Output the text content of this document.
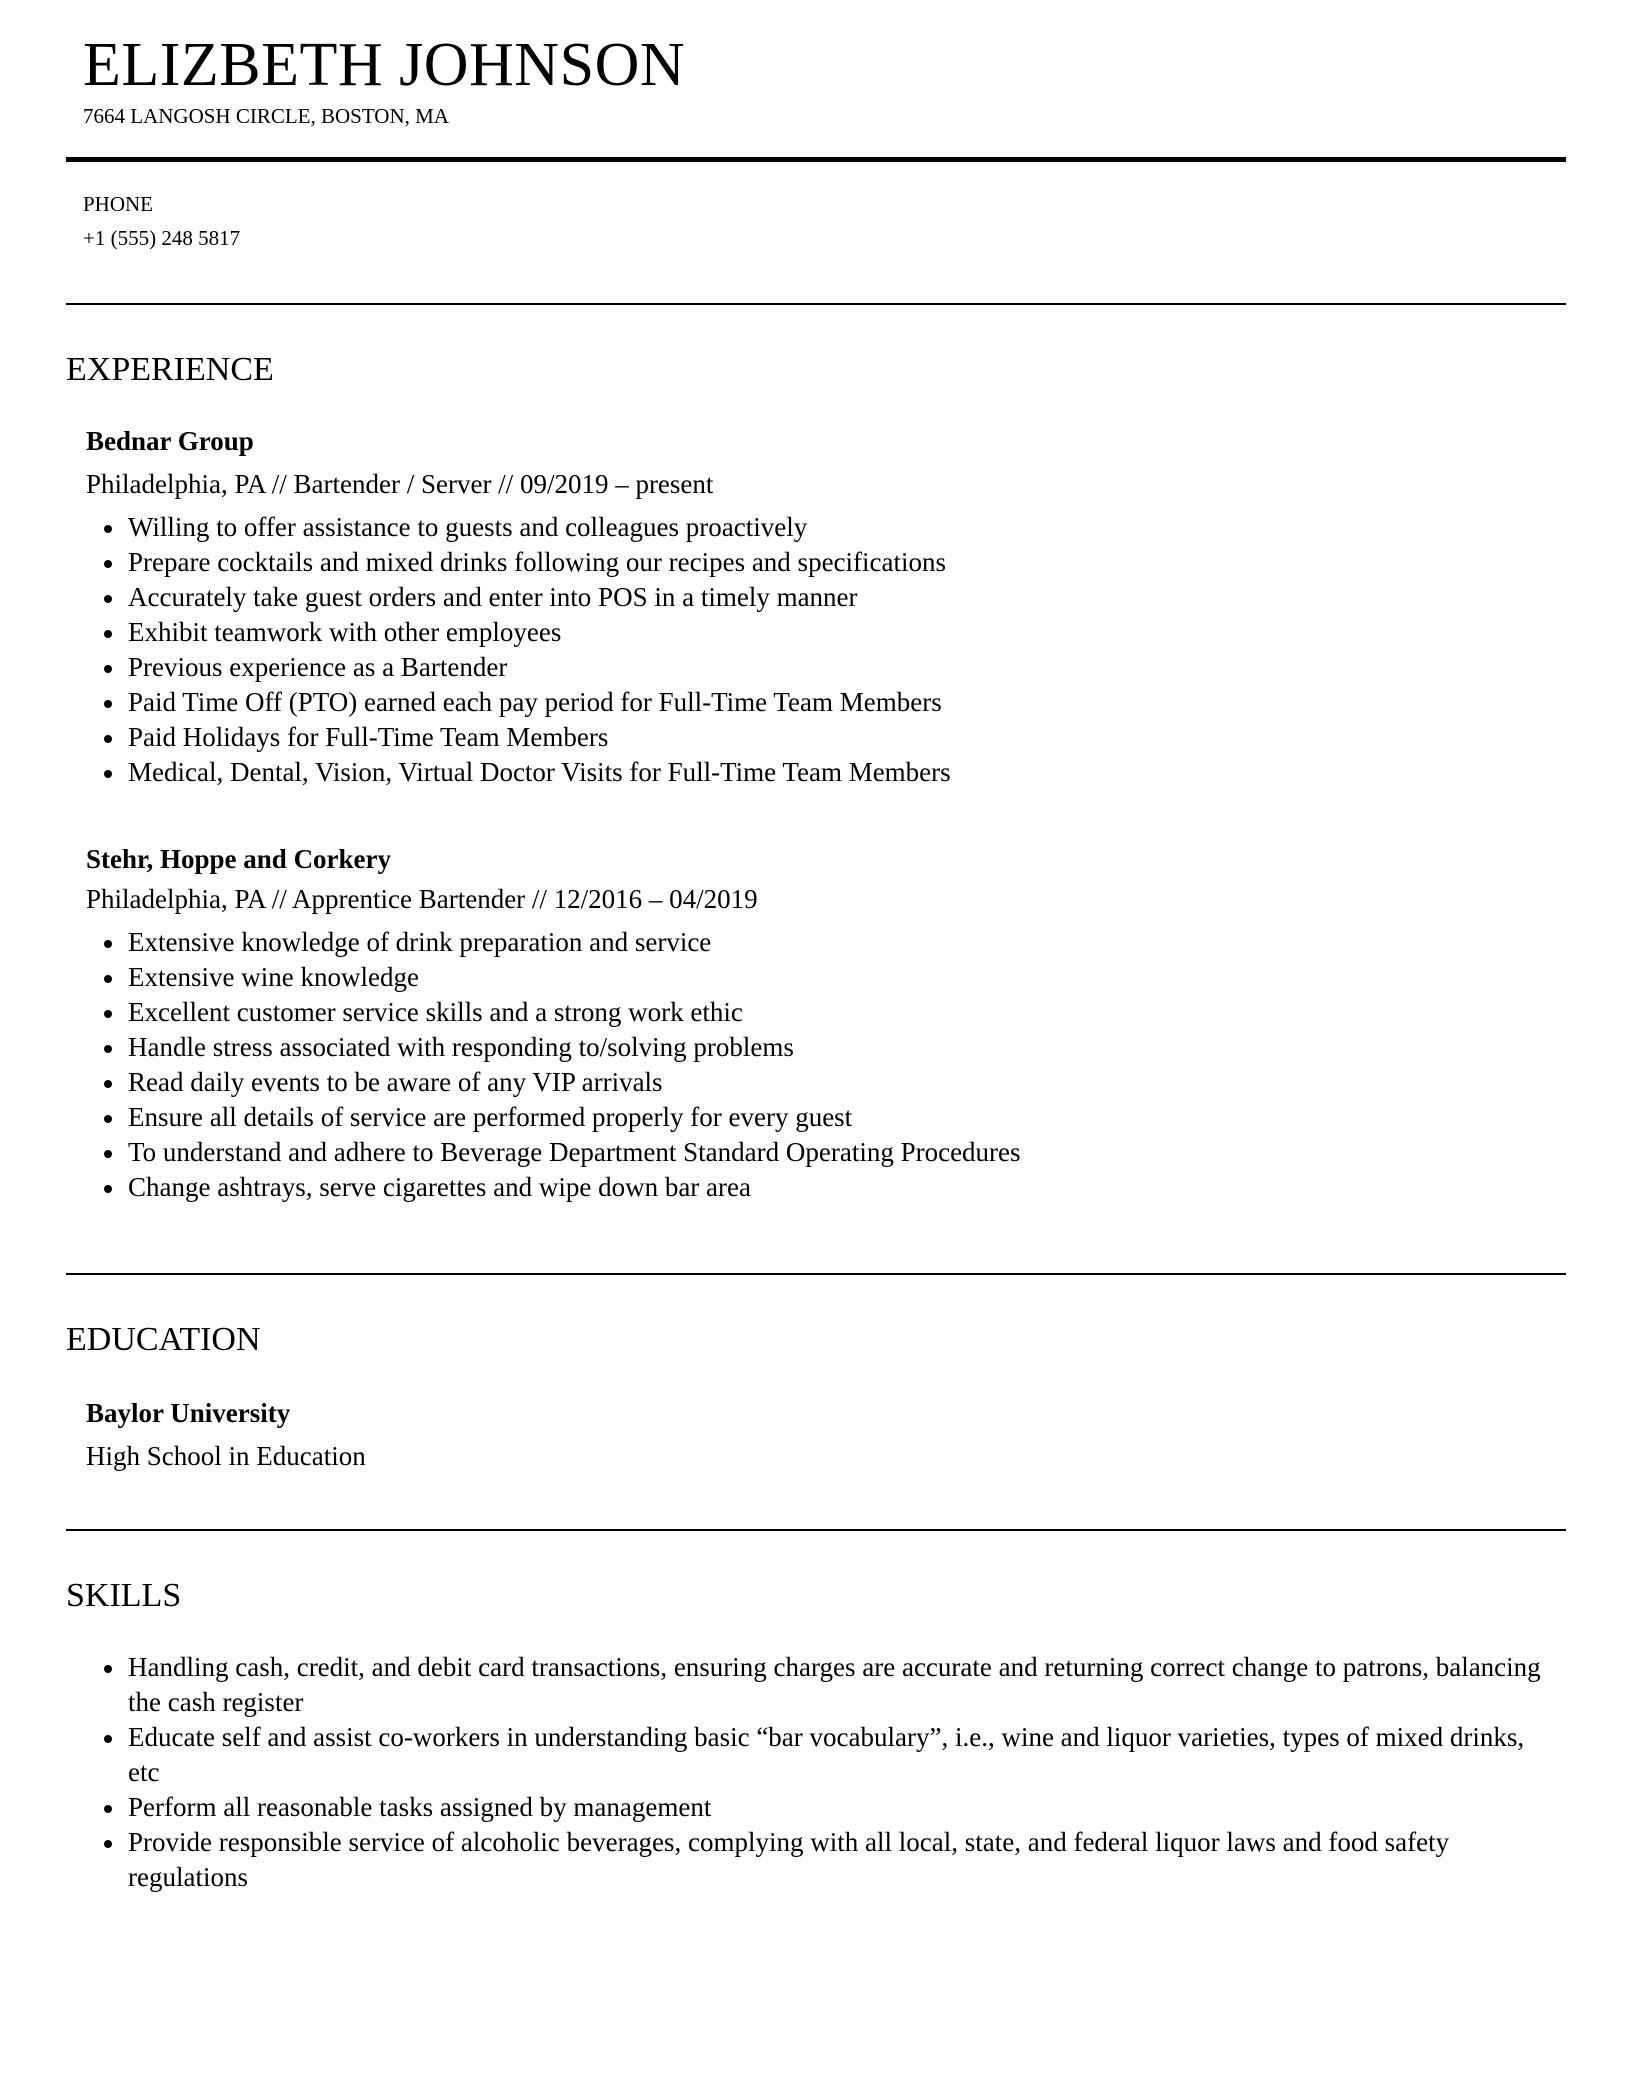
ELIZBETH JOHNSON
7664 LANGOSH CIRCLE, BOSTON, MA
PHONE
+1 (555) 248 5817
EXPERIENCE
Bednar Group
Philadelphia, PA // Bartender / Server // 09/2019 – present
Willing to offer assistance to guests and colleagues proactively
Prepare cocktails and mixed drinks following our recipes and specifications
Accurately take guest orders and enter into POS in a timely manner
Exhibit teamwork with other employees
Previous experience as a Bartender
Paid Time Off (PTO) earned each pay period for Full-Time Team Members
Paid Holidays for Full-Time Team Members
Medical, Dental, Vision, Virtual Doctor Visits for Full-Time Team Members
Stehr, Hoppe and Corkery
Philadelphia, PA // Apprentice Bartender // 12/2016 – 04/2019
Extensive knowledge of drink preparation and service
Extensive wine knowledge
Excellent customer service skills and a strong work ethic
Handle stress associated with responding to/solving problems
Read daily events to be aware of any VIP arrivals
Ensure all details of service are performed properly for every guest
To understand and adhere to Beverage Department Standard Operating Procedures
Change ashtrays, serve cigarettes and wipe down bar area
EDUCATION
Baylor University
High School in Education
SKILLS
Handling cash, credit, and debit card transactions, ensuring charges are accurate and returning correct change to patrons, balancing the cash register
Educate self and assist co-workers in understanding basic “bar vocabulary”, i.e., wine and liquor varieties, types of mixed drinks, etc
Perform all reasonable tasks assigned by management
Provide responsible service of alcoholic beverages, complying with all local, state, and federal liquor laws and food safety regulations
